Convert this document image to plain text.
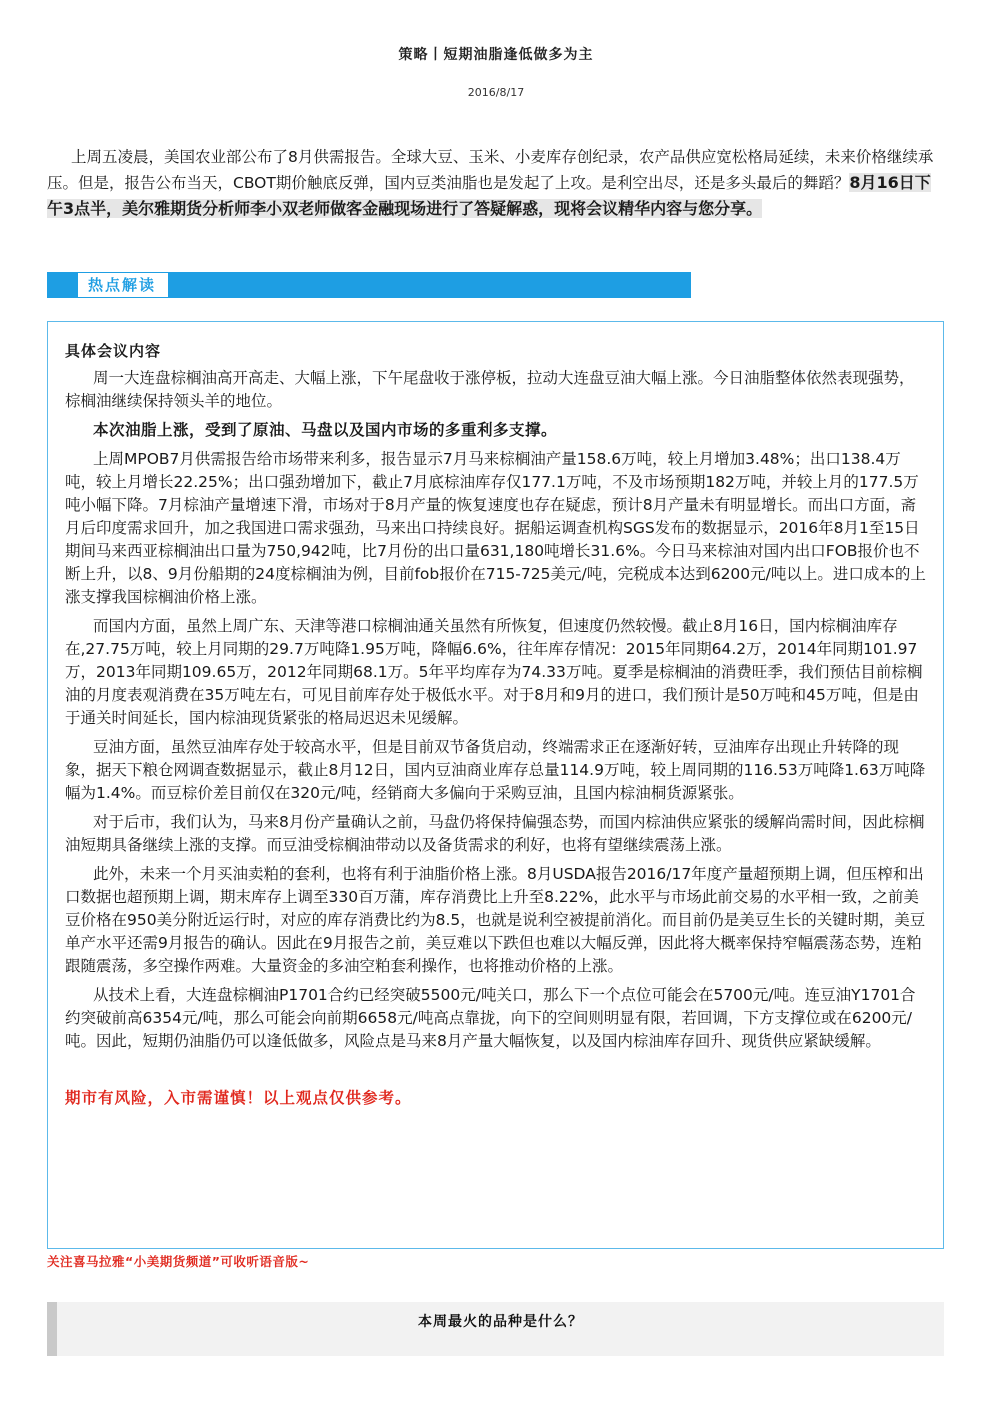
策略丨短期油脂逢低做多为主
2016/8/17
上周五凌晨，美国农业部公布了8月供需报告。全球大豆、玉米、小麦库存创纪录，农产品供应宽松格局延续，未来价格继续承压。但是，报告公布当天，CBOT期价触底反弹，国内豆类油脂也是发起了上攻。是利空出尽，还是多头最后的舞蹈？8月16日下午3点半，美尔雅期货分析师李小双老师做客金融现场进行了答疑解惑，现将会议精华内容与您分享。
热点解读
具体会议内容

周一大连盘棕榈油高开高走、大幅上涨，下午尾盘收于涨停板，拉动大连盘豆油大幅上涨。今日油脂整体依然表现强势，棕榈油继续保持领头羊的地位。

本次油脂上涨，受到了原油、马盘以及国内市场的多重利多支撑。

上周MPOB7月供需报告给市场带来利多，报告显示7月马来棕榈油产量158.6万吨，较上月增加3.48%；出口138.4万吨，较上月增长22.25%；出口强劲增加下，截止7月底棕油库存仅177.1万吨，不及市场预期182万吨，并较上月的177.5万吨小幅下降。7月棕油产量增速下滑，市场对于8月产量的恢复速度也存在疑虑，预计8月产量未有明显增长。而出口方面，斋月后印度需求回升，加之我国进口需求强劲，马来出口持续良好。据船运调查机构SGS发布的数据显示，2016年8月1至15日期间马来西亚棕榈油出口量为750,942吨，比7月份的出口量631,180吨增长31.6%。今日马来棕油对国内出口FOB报价也不断上升，以8、9月份船期的24度棕榈油为例，目前fob报价在715-725美元/吨，完税成本达到6200元/吨以上。进口成本的上涨支撑我国棕榈油价格上涨。

而国内方面，虽然上周广东、天津等港口棕榈油通关虽然有所恢复，但速度仍然较慢。截止8月16日，国内棕榈油库存在,27.75万吨，较上月同期的29.7万吨降1.95万吨，降幅6.6%，往年库存情况：2015年同期64.2万，2014年同期101.97万，2013年同期109.65万，2012年同期68.1万。5年平均库存为74.33万吨。夏季是棕榈油的消费旺季，我们预估目前棕榈油的月度表观消费在35万吨左右，可见目前库存处于极低水平。对于8月和9月的进口，我们预计是50万吨和45万吨，但是由于通关时间延长，国内棕油现货紧张的格局迟迟未见缓解。

豆油方面，虽然豆油库存处于较高水平，但是目前双节备货启动，终端需求正在逐渐好转，豆油库存出现止升转降的现象，据天下粮仓网调查数据显示，截止8月12日，国内豆油商业库存总量114.9万吨，较上周同期的116.53万吨降1.63万吨降幅为1.4%。而豆棕价差目前仅在320元/吨，经销商大多偏向于采购豆油，且国内棕油桐货源紧张。

对于后市，我们认为，马来8月份产量确认之前，马盘仍将保持偏强态势，而国内棕油供应紧张的缓解尚需时间，因此棕榈油短期具备继续上涨的支撑。而豆油受棕榈油带动以及备货需求的利好，也将有望继续震荡上涨。

此外，未来一个月买油卖粕的套利，也将有利于油脂价格上涨。8月USDA报告2016/17年度产量超预期上调，但压榨和出口数据也超预期上调，期末库存上调至330百万蒲，库存消费比上升至8.22%，此水平与市场此前交易的水平相一致，之前美豆价格在950美分附近运行时，对应的库存消费比约为8.5，也就是说利空被提前消化。而目前仍是美豆生长的关键时期，美豆单产水平还需9月报告的确认。因此在9月报告之前，美豆难以下跌但也难以大幅反弹，因此将大概率保持窄幅震荡态势，连粕跟随震荡，多空操作两难。大量资金的多油空粕套利操作，也将推动价格的上涨。

从技术上看，大连盘棕榈油P1701合约已经突破5500元/吨关口，那么下一个点位可能会在5700元/吨。连豆油Y1701合约突破前高6354元/吨，那么可能会向前期6658元/吨高点靠拢，向下的空间则明显有限，若回调，下方支撑位或在6200元/吨。因此，短期仍油脂仍可以逢低做多，风险点是马来8月产量大幅恢复，以及国内棕油库存回升、现货供应紧缺缓解。

期市有风险，入市需谨慎！以上观点仅供参考。

关注喜马拉雅“小美期货频道”可收听语音版~
本周最火的品种是什么？
